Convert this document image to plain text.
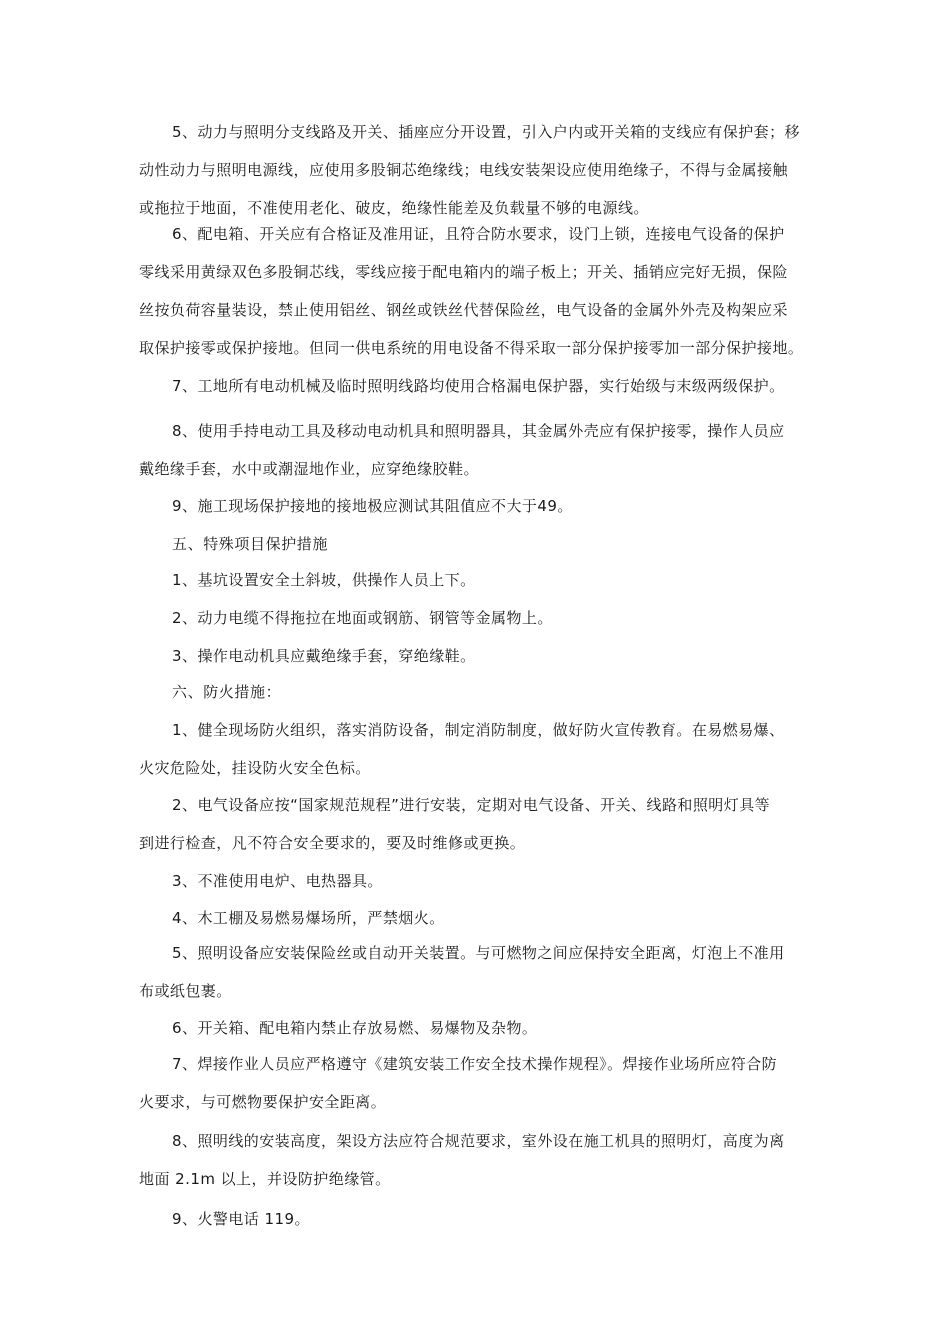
5、动力与照明分支线路及开关、插座应分开设置，引入户内或开关箱的支线应有保护套；移
动性动力与照明电源线，应使用多股铜芯绝缘线；电线安装架设应使用绝缘子，不得与金属接触
或拖拉于地面，不准使用老化、破皮，绝缘性能差及负载量不够的电源线。
6、配电箱、开关应有合格证及准用证，且符合防水要求，设门上锁，连接电气设备的保护
零线采用黄绿双色多股铜芯线，零线应接于配电箱内的端子板上；开关、插销应完好无损，保险
丝按负荷容量装设，禁止使用铝丝、钢丝或铁丝代替保险丝，电气设备的金属外外壳及构架应采
取保护接零或保护接地。但同一供电系统的用电设备不得采取一部分保护接零加一部分保护接地。
7、工地所有电动机械及临时照明线路均使用合格漏电保护器，实行始级与末级两级保护。
8、使用手持电动工具及移动电动机具和照明器具，其金属外壳应有保护接零，操作人员应
戴绝缘手套，水中或潮湿地作业，应穿绝缘胶鞋。
9、施工现场保护接地的接地极应测试其阻值应不大于49。
五、特殊项目保护措施
1、基坑设置安全土斜坡，供操作人员上下。
2、动力电缆不得拖拉在地面或钢筋、钢管等金属物上。
3、操作电动机具应戴绝缘手套，穿绝缘鞋。
六、防火措施：
1、健全现场防火组织，落实消防设备，制定消防制度，做好防火宣传教育。在易燃易爆、
火灾危险处，挂设防火安全色标。
2、电气设备应按“国家规范规程”进行安装，定期对电气设备、开关、线路和照明灯具等
到进行检查，凡不符合安全要求的，要及时维修或更换。
3、不准使用电炉、电热器具。
4、木工棚及易燃易爆场所，严禁烟火。
5、照明设备应安装保险丝或自动开关装置。与可燃物之间应保持安全距离，灯泡上不准用
布或纸包裹。
6、开关箱、配电箱内禁止存放易燃、易爆物及杂物。
7、焊接作业人员应严格遵守《建筑安装工作安全技术操作规程》。焊接作业场所应符合防
火要求，与可燃物要保护安全距离。
8、照明线的安装高度，架设方法应符合规范要求，室外设在施工机具的照明灯，高度为离
地面 2.1m 以上，并设防护绝缘管。
9、火警电话 119。
